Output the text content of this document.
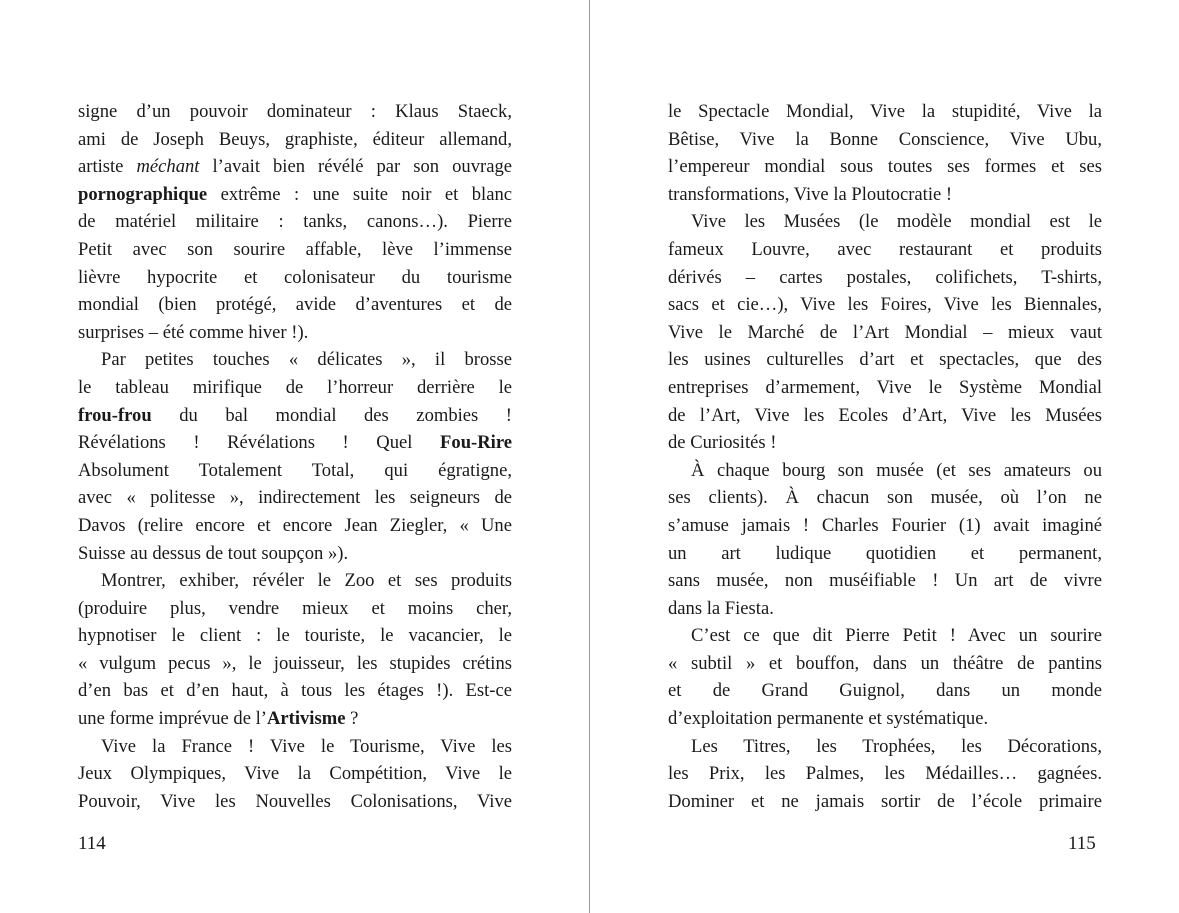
signe d’un pouvoir dominateur : Klaus Staeck,
ami de Joseph Beuys, graphiste, éditeur allemand,
artiste méchant l’avait bien révélé par son ouvrage
pornographique extrême : une suite noir et blanc
de matériel militaire : tanks, canons…). Pierre
Petit avec son sourire affable, lève l’immense
lièvre hypocrite et colonisateur du tourisme
mondial (bien protégé, avide d’aventures et de
surprises – été comme hiver !).
Par petites touches « délicates », il brosse
le tableau mirifique de l’horreur derrière le
frou-frou du bal mondial des zombies !
Révélations ! Révélations ! Quel Fou-Rire
Absolument Totalement Total, qui égratigne,
avec « politesse », indirectement les seigneurs de
Davos (relire encore et encore Jean Ziegler, « Une
Suisse au dessus de tout soupçon »).
Montrer, exhiber, révéler le Zoo et ses produits
(produire plus, vendre mieux et moins cher,
hypnotiser le client : le touriste, le vacancier, le
« vulgum pecus », le jouisseur, les stupides crétins
d’en bas et d’en haut, à tous les étages !). Est-ce
une forme imprévue de l’Artivisme ?
Vive la France ! Vive le Tourisme, Vive les
Jeux Olympiques, Vive la Compétition, Vive le
Pouvoir, Vive les Nouvelles Colonisations, Vive
le Spectacle Mondial, Vive la stupidité, Vive la
Bêtise, Vive la Bonne Conscience, Vive Ubu,
l’empereur mondial sous toutes ses formes et ses
transformations, Vive la Ploutocratie !
Vive les Musées (le modèle mondial est le
fameux Louvre, avec restaurant et produits
dérivés – cartes postales, colifichets, T-shirts,
sacs et cie…), Vive les Foires, Vive les Biennales,
Vive le Marché de l’Art Mondial – mieux vaut
les usines culturelles d’art et spectacles, que des
entreprises d’armement, Vive le Système Mondial
de l’Art, Vive les Ecoles d’Art, Vive les Musées
de Curiosités !
À chaque bourg son musée (et ses amateurs ou
ses clients). À chacun son musée, où l’on ne
s’amuse jamais ! Charles Fourier (1) avait imaginé
un art ludique quotidien et permanent,
sans musée, non muséifiable ! Un art de vivre
dans la Fiesta.
C’est ce que dit Pierre Petit ! Avec un sourire
« subtil » et bouffon, dans un théâtre de pantins
et de Grand Guignol, dans un monde
d’exploitation permanente et systématique.
Les Titres, les Trophées, les Décorations,
les Prix, les Palmes, les Médailles… gagnées.
Dominer et ne jamais sortir de l’école primaire
114	115
